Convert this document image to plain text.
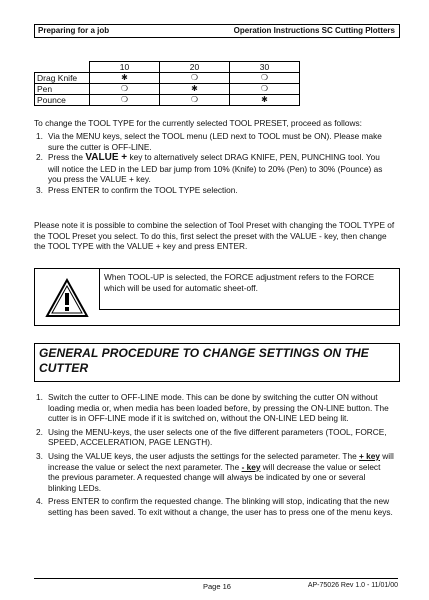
Preparing for a job	Operation Instructions SC Cutting Plotters
	10	20	30
Drag Knife	✱	❍	❍
Pen	❍	✱	❍
Pounce	❍	❍	✱

To change the TOOL TYPE for the currently selected TOOL PRESET, proceed as follows:

1. Via the MENU keys, select the TOOL menu (LED next to TOOL must be ON). Please make sure the cutter is OFF-LINE.
2. Press the VALUE + key to alternatively select DRAG KNIFE, PEN, PUNCHING tool. You will notice the LED in the LED bar jump from 10% (Knife) to 20% (Pen) to 30% (Pounce) as you press the VALUE + key.
3. Press ENTER to confirm the TOOL TYPE selection.

Please note it is possible to combine the selection of Tool Preset with changing the TOOL TYPE of the TOOL Preset you select. To do this, first select the preset with the VALUE - key, then change the TOOL TYPE with the VALUE + key and press ENTER.

When TOOL-UP is selected, the FORCE adjustment refers to the FORCE which will be used for automatic sheet-off.
GENERAL PROCEDURE TO CHANGE SETTINGS ON THE CUTTER
1. Switch the cutter to OFF-LINE mode. This can be done by switching the cutter ON without loading media or, when media has been loaded before, by pressing the ON-LINE button. The cutter is in OFF-LINE mode if it is switched on, without the ON-LINE LED being lit.
2. Using the MENU-keys, the user selects one of the five different parameters (TOOL, FORCE, SPEED, ACCELERATION, PAGE LENGTH).
3. Using the VALUE keys, the user adjusts the settings for the selected parameter. The + key will increase the value or select the next parameter. The - key will decrease the value or select the previous parameter. A requested change will always be indicated by one or several blinking LEDs.
4. Press ENTER to confirm the requested change. The blinking will stop, indicating that the new setting has been saved. To exit without a change, the user has to press one of the menu keys.
Page 16	AP-75026 Rev 1.0 - 11/01/00
